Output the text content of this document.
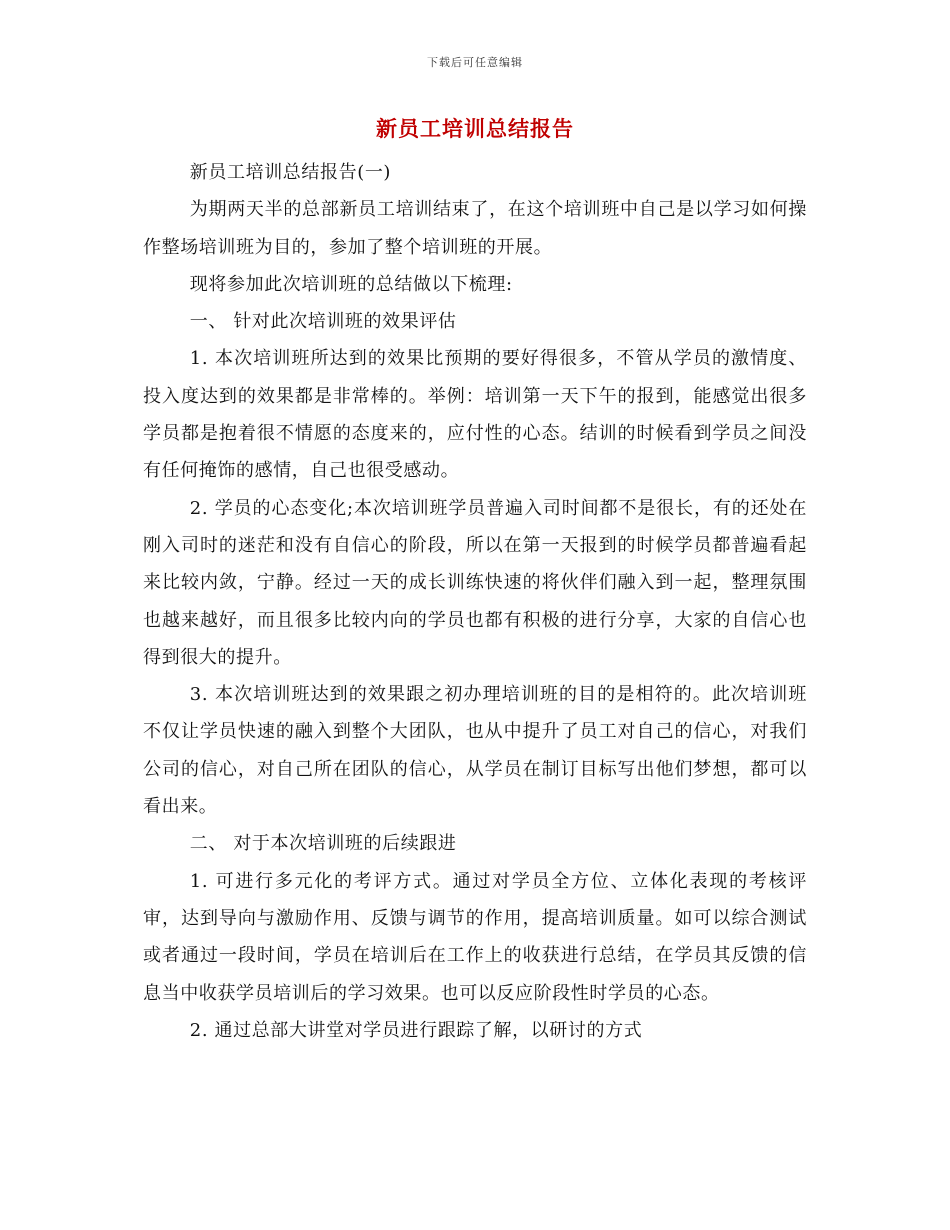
下载后可任意编辑
新员工培训总结报告

新员工培训总结报告(一)

为期两天半的总部新员工培训结束了，在这个培训班中自己是以学习如何操作整场培训班为目的，参加了整个培训班的开展。

现将参加此次培训班的总结做以下梳理:

一、 针对此次培训班的效果评估

1. 本次培训班所达到的效果比预期的要好得很多，不管从学员的激情度、投入度达到的效果都是非常棒的。举例：培训第一天下午的报到，能感觉出很多学员都是抱着很不情愿的态度来的，应付性的心态。结训的时候看到学员之间没有任何掩饰的感情，自己也很受感动。

2. 学员的心态变化;本次培训班学员普遍入司时间都不是很长，有的还处在刚入司时的迷茫和没有自信心的阶段，所以在第一天报到的时候学员都普遍看起来比较内敛，宁静。经过一天的成长训练快速的将伙伴们融入到一起，整理氛围也越来越好，而且很多比较内向的学员也都有积极的进行分享，大家的自信心也得到很大的提升。

3. 本次培训班达到的效果跟之初办理培训班的目的是相符的。此次培训班不仅让学员快速的融入到整个大团队，也从中提升了员工对自己的信心，对我们公司的信心，对自己所在团队的信心，从学员在制订目标写出他们梦想，都可以看出来。

二、 对于本次培训班的后续跟进

1. 可进行多元化的考评方式。通过对学员全方位、立体化表现的考核评审，达到导向与激励作用、反馈与调节的作用，提高培训质量。如可以综合测试或者通过一段时间，学员在培训后在工作上的收获进行总结，在学员其反馈的信息当中收获学员培训后的学习效果。也可以反应阶段性时学员的心态。

2. 通过总部大讲堂对学员进行跟踪了解，以研讨的方式
